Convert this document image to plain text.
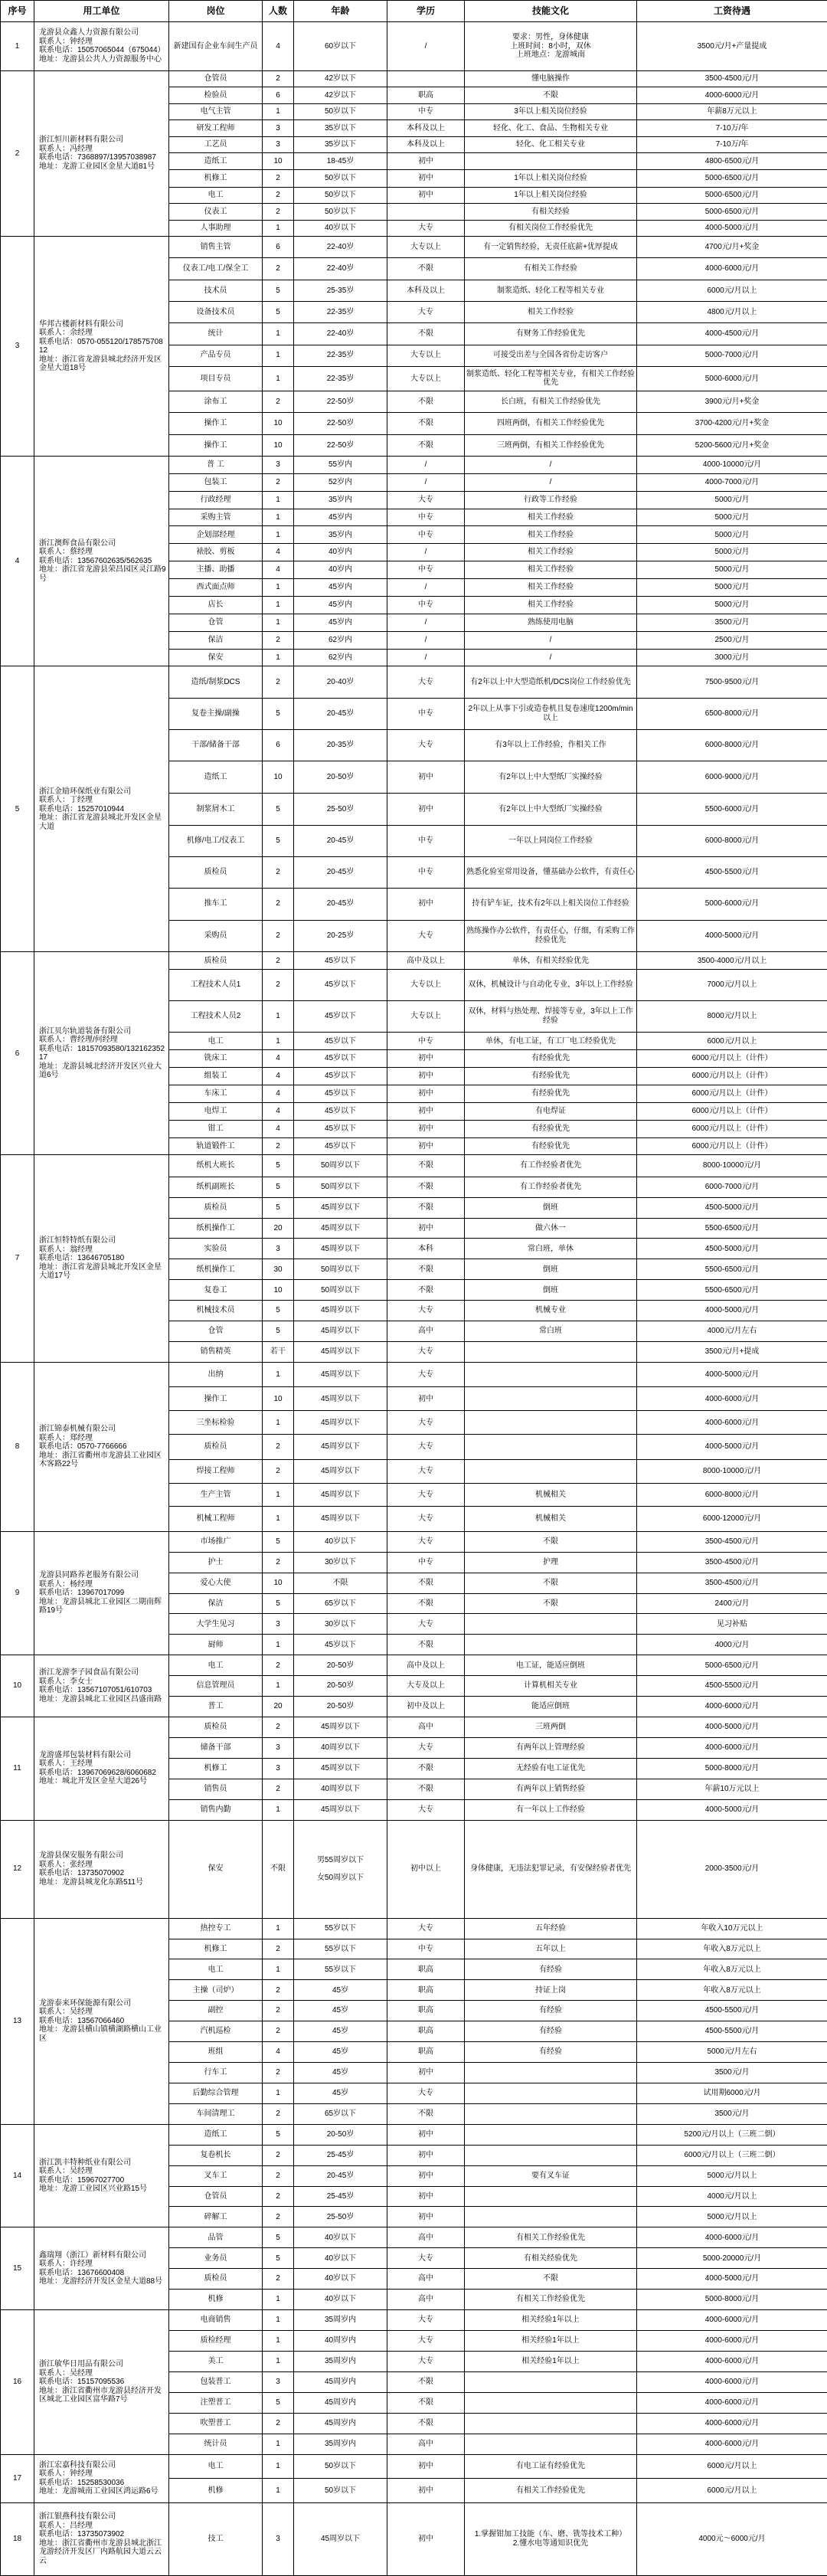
序号	用工单位	岗位	人数	年龄	学历	技能文化	工资待遇
1	龙游县众鑫人力资源有限公司
联系人：钟经理
联系电话：15057065044（675044）
地址：龙游县公共人力资源服务中心	新建国有企业车间生产员	4	60岁以下	/	要求：男性，身体健康
上班时间：8小时，双休
上班地点：龙游城南	3500元/月+产量提成
2	浙江恒川新材料有限公司
联系人：冯经理
联系电话：7368897/13957038987
地址：龙游工业园区金星大道81号	仓管员	2	42岁以下		懂电脑操作	3500-4500元/月
		检验员	6	42岁以下	职高	不限	4000-6000元/月
		电气主管	1	50岁以下	中专	3年以上相关岗位经验	年薪8万元以上
		研发工程师	3	35岁以下	本科及以上	轻化、化工、食品、生物相关专业	7-10万/年
		工艺员	3	35岁以下	本科及以上	轻化、化工相关专业	7-10万/年
		造纸工	10	18-45岁	初中		4800-6500元/月
		机修工	2	50岁以下	初中	1年以上相关岗位经验	5000-6500元/月
		电工	2	50岁以下	初中	1年以上相关岗位经验	5000-6500元/月
		仪表工	2	50岁以下		有相关经验	5000-6500元/月
		人事助理	1	40岁以下	大专	有相关岗位工作经验优先	4000-5000元/月
3	华邦古楼新材料有限公司
联系人：余经理
联系电话：0570-055120/17857570812
地址：浙江省龙游县城北经济开发区金星大道18号	销售主管	6	22-40岁	大专以上	有一定销售经验，无责任底薪+优厚提成	4700元/月+奖金
		仪表工/电工/保全工	2	22-40岁	不限	有相关工作经验	4000-6000元/月
		技术员	5	25-35岁	本科及以上	制浆造纸、轻化工程等相关专业	6000元/月以上
		设备技术员	5	22-35岁	大专	相关工作经验	4800元/月以上
		统计	1	22-40岁	不限	有财务工作经验优先	4000-4500元/月
		产品专员	1	22-35岁	大专以上	可接受出差与全国各省份走访客户	5000-7000元/月
		项目专员	1	22-35岁	大专以上	制浆造纸、轻化工程等相关专业，有相关工作经验优先	5000-6000元/月
		涂布工	2	22-50岁	不限	长白班，有相关工作经验优先	3900元/月+奖金
		操作工	10	22-50岁	不限	四班两倒，有相关工作经验优先	3700-4200元/月+奖金
		操作工	10	22-50岁	不限	三班两倒，有相关工作经验优先	5200-5600元/月+奖金
4	浙江澳辉食品有限公司
联系人：蔡经理
联系电话：13567602635/562635
地址：浙江省龙游县荣昌园区灵江路9号	普 工	3	55岁内	/	/	4000-10000元/月
		包装工	2	52岁内	/	/	4000-7000元/月
		行政经理	1	35岁内	大专	行政等工作经验	5000元/月
		采购主管	1	45岁内	中专	相关工作经验	5000元/月
		企划部经理	1	35岁内	中专	相关工作经验	5000元/月
		裱胶、剪板	4	40岁内	/	相关工作经验	5000元/月
		主播、助播	4	40岁内	中专	相关工作经验	5000元/月
		西式面点师	1	45岁内	/	相关工作经验	5000元/月
		店长	1	45岁内	中专	相关工作经验	5000元/月
		仓管	1	45岁内	/	熟练使用电脑	3500元/月
		保洁	2	62岁内	/	/	2500元/月
		保安	1	62岁内	/	/	3000元/月
5	浙江金励环保纸业有限公司
联系人：丁经理
联系电话：15257010944
地址：浙江省龙游县城北开发区金星大道	造纸/制浆DCS	2	20-40岁	大专	有2年以上中大型造纸机/DCS岗位工作经验优先	7500-9500元/月
		复卷主操/副操	5	20-45岁	中专	2年以上从事下引或造卷机且复卷速度1200m/min以上	6500-8000元/月
		干部/储备干部	6	20-35岁	大专	有3年以上工作经验，作相关工作	6000-8000元/月
		造纸工	10	20-50岁	初中	有2年以上中大型纸厂实操经验	6000-9000元/月
		制浆屑木工	5	25-50岁	初中	有2年以上中大型纸厂实操经验	5500-6000元/月
		机修/电工/仪表工	5	20-45岁	中专	一年以上同岗位工作经验	6000-8000元/月
		质检员	2	20-45岁	中专	熟悉化验室常用设备，懂基础办公软件，有责任心	4500-5500元/月
		推车工	2	20-45岁	初中	持有铲车证，技术有2年以上相关岗位工作经验	5000-6000元/月
		采购员	2	20-25岁	大专	熟练操作办公软件，有责任心，仔细，有采购工作经验优先	4000-5000元/月
6	浙江贝尔轨道装备有限公司
联系人：曹经理/何经理
联系电话：18157093580/13216235217
地址：龙游县城北经济开发区兴业大道6号	质检员	2	45岁以下	高中及以上	单休，有相关经验优先	3500-4000元/月以上
		工程技术人员1	2	45岁以下	大专以上	双休，机械设计与自动化专业，3年以上工作经验	7000元/月以上
		工程技术人员2	1	45岁以下	大专以上	双休，材料与热处理、焊接等专业，3年以上工作经验	8000元/月以上
		电工	1	45岁以下	中专	单休，有电工证，有工厂电工经验优先	6000元/月以上
		铣床工	4	45岁以下	初中	有经验优先	6000元/月以上（计件）
		组装工	4	45岁以下	初中	有经验优先	6000元/月以上（计件）
		车床工	4	45岁以下	初中	有经验优先	6000元/月以上（计件）
		电焊工	4	45岁以下	初中	有电焊证	6000元/月以上（计件）
		钳工	4	45岁以下	初中	有经验优先	6000元/月以上（计件）
		轨道锻件工	2	45岁以下	初中	有经验优先	6000元/月以上（计件）
7	浙江恒特特纸有限公司
联系人：翁经理
联系电话：13646705180
地址：浙江省龙游县城北开发区金星大道17号	纸机大班长	5	50周岁以下	不限	有工作经验者优先	8000-10000元/月
		纸机副班长	5	50周岁以下	不限	有工作经验者优先	6000-7000元/月
		质检员	5	45周岁以下	不限	倒班	4500-5000元/月
		纸机操作工	20	45周岁以下	初中	做六休一	5500-6500元/月
		实验员	3	45周岁以下	本科	常白班，单休	4500-5000元/月
		纸机操作工	30	50周岁以下	不限	倒班	5500-6500元/月
		复卷工	10	50周岁以下	不限	倒班	5500-6500元/月
		机械技术员	5	45周岁以下	大专	机械专业	4000-5000元/月
		仓管	5	45周岁以下	高中	常白班	4000元/月左右
		销售精英	若干	45周岁以下	大专		3500元/月+提成
8	浙江锦泰机械有限公司
联系人：郑经理
联系电话：0570-7766666
地址：浙江省衢州市龙游县工业园区木客路22号	出纳	1	45周岁以下	大专		4000-5000元/月
		操作工	10	45周岁以下	初中		4000-6000元/月
		三坐标检验	1	45周岁以下	大专		4000-6000元/月
		质检员	2	45周岁以下	大专		4000-5000元/月
		焊接工程师	2	45周岁以下	大专		8000-10000元/月
		生产主管	1	45周岁以下	大专	机械相关	6000-8000元/月
		机械工程师	1	45周岁以下	大专	机械相关	6000-12000元/月
9	龙游县同路养老服务有限公司
联系人：杨经理
联系电话：13967017099
地址：龙游县城北工业园区二期南辉路19号	市场推广	5	40岁以下	大专	不限	3500-4500元/月
		护士	2	30岁以下	中专	护理	3500-4500元/月
		爱心大使	10	不限	不限	不限	3500-4500元/月
		保洁	5	65岁以下	不限	不限	2400元/月
		大学生见习	3	30岁以下	大专		见习补贴
		厨师	1	45岁以下	不限		4000元/月
10	浙江龙游李子园食品有限公司
联系人：李女士
联系电话：13567107051/610703
地址：龙游县城北工业园区昌盛南路	电工	2	20-50岁	高中及以上	电工证，能适应倒班	5000-6500元/月
		信息管理员	1	20-50岁	大专及以上	计算机相关专业	4500-5500元/月
		普工	20	20-50岁	初中及以上	能适应倒班	4000-6000元/月
11	龙游盛邦包装材料有限公司
联系人：王经理
联系电话：13967069628/6060682
地址：城北开发区金星大道26号	质检员	2	45周岁以下	高中	三班两倒	4000-5000元/月
		储备干部	3	40周岁以下	大专	有两年以上管理经验	4000-6000元/月
		机修工	3	45周岁以下	不限	无经验有电工证优先	5000-8000元/月
		销售员	2	40周岁以下	不限	有两年以上销售经验	年薪10万元以上
		销售内勤	1	45周岁以下	大专	有一年以上工作经验	4000-5000元/月
12	龙游县保安服务有限公司
联系人：张经理
联系电话：13735070902
地址：龙游县城龙化东路511号	保安	不限	男55周岁以下

女50周岁以下	初中以上	身体健康，无违法犯罪记录，有安保经验者优先	2000-3500元/月
13	龙游泰来环保能源有限公司
联系人：吴经理
联系电话：13567066460
地址：龙游县横山镇横湖路横山工业区	热控专工	1	55岁以下	大专	五年经验	年收入10万元以上
		机修工	2	55岁以下	中专	五年以上	年收入8万元以上
		电工	1	55岁以下	职高	有经验	年收入8万元以上
		主操（司炉）	2	45岁	职高	持证上岗	年收入8万元以上
		副控	2	45岁	职高	有经验	4500-5500元/月
		汽机巡检	2	45岁	职高	有经验	4500-5500元/月
		班组	4	45岁	职高	有经验	5000元/月左右
		行车工	2	45岁	初中		3500元/月
		后勤综合管理	1	45岁	大专		试用期6000元/月
		车间清理工	2	65岁以下	不限		3500元/月
14	浙江凯丰特种纸业有限公司
联系人：吴经理
联系电话：15967027700
地址：龙游工业园区兴业路15号	造纸工	5	20-50岁	初中		5200元/月以上（三班二倒）
		复卷机长	2	25-45岁	初中		6000元/月以上（三班二倒）
		叉车工	2	20-45岁	初中	要有叉车证	5000元/月以上
		仓管员	2	25-45岁	初中		4000元/月以上
		碎解工	2	25-50岁	初中		5000元/月以上
15	鑫瑞翔（浙江）新材料有限公司
联系人：许经理
联系电话：13676600408
地址：龙游经济开发区金星大道88号	品管	5	40岁以下	高中	有相关工作经验优先	4000-6000元/月
		业务员	5	40岁以下	大专	有相关经验优先	5000-20000元/月
		质检员	2	40岁以下	高中	不限	4000-5000元/月
		机修	1	40岁以下	高中	有相关工作经验优先	5000-8000元/月
16	浙江敏华日用品有限公司
联系人：吴经理
联系电话：15157095536
地址：浙江省衢州市龙游县经济开发区城北工业园区富华路7号	电商销售	1	35周岁内	大专	相关经验1年以上	4000-6000元/月
		质检经理	1	40周岁内	大专	相关经验1年以上	4000-6000元/月
		美工	1	35周岁内	大专	相关经验1年以上	4000-6000元/月
		包装普工	3	45周岁内	不限		4000-6000元/月
		注塑普工	5	45周岁内	不限		4000-6000元/月
		吹塑普工	2	45周岁内	不限		4000-6000元/月
		统计员	1	35周岁内	高中		4000-6000元/月
17	浙江宏嘉科技有限公司
联系人：钟经理
联系电话：15258530036
地址：龙游城南工业园区鸿运路6号	电工	1	50岁以下	初中	有电工证有经验优先	6000元/月以上
		机修	1	50岁以下	初中	有相关工作经验优先	6000元/月以上
18	浙江银燕科技有限公司
联系人：吕经理
联系电话：13735073902
地址：浙江省衢州市龙游县城北浙江龙游经济开发区厂内路航园大道云云云	技工	3	45周岁以下	初中	1.掌握钳加工技能（车、磨、铣等技术工种）
2.懂水电等通知识优先	4000元～6000元/月
